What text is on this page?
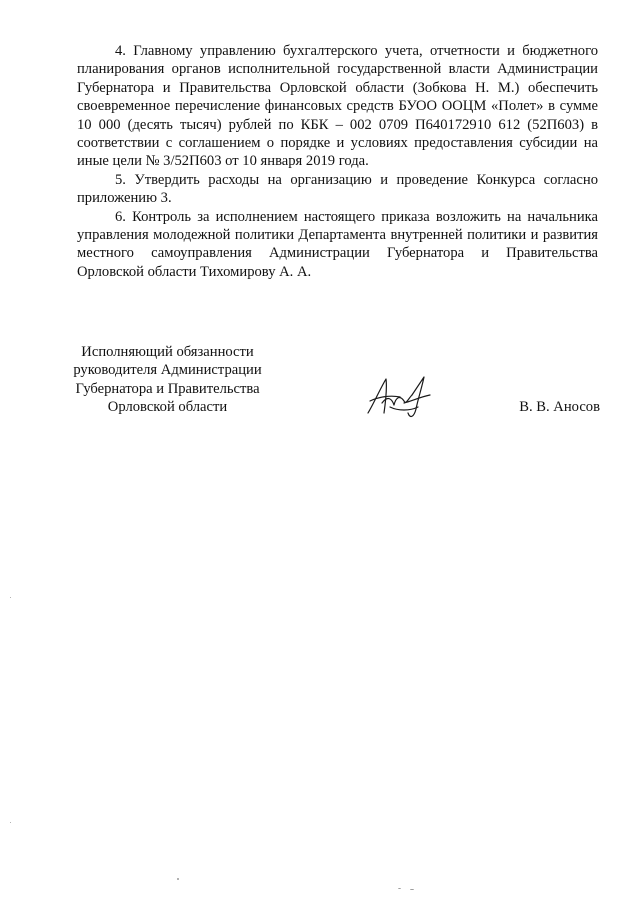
4. Главному управлению бухгалтерского учета, отчетности и бюджетного планирования органов исполнительной государственной власти Администрации Губернатора и Правительства Орловской области (Зобкова Н. М.) обеспечить своевременное перечисление финансовых средств БУОО ООЦМ «Полет» в сумме 10 000 (десять тысяч) рублей по КБК – 002 0709 П640172910 612 (52П603) в соответствии с соглашением о порядке и условиях предоставления субсидии на иные цели № 3/52П603 от 10 января 2019 года.

5. Утвердить расходы на организацию и проведение Конкурса согласно приложению 3.

6. Контроль за исполнением настоящего приказа возложить на начальника управления молодежной политики Департамента внутренней политики и развития местного самоуправления Администрации Губернатора и Правительства Орловской области Тихомирову А. А.

Исполняющий обязанности
руководителя Администрации
Губернатора и Правительства
Орловской области	В. В. Аносов
